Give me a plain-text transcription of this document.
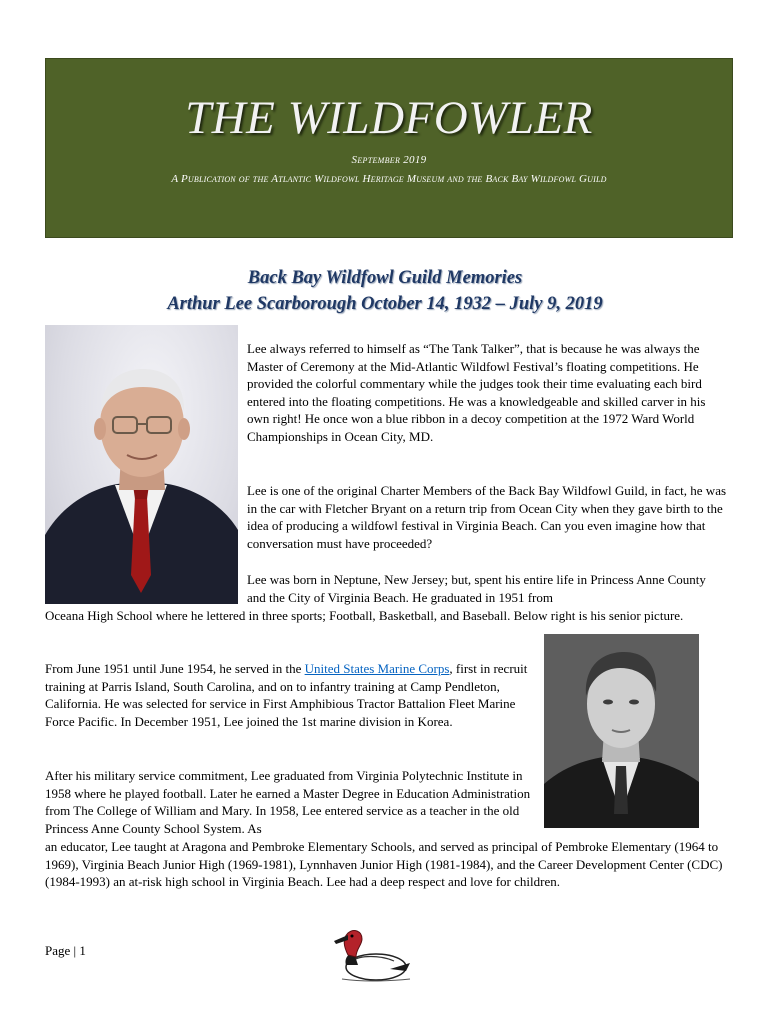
THE WILDFOWLER
September 2019
A Publication of the Atlantic Wildfowl Heritage Museum and the Back Bay Wildfowl Guild
Back Bay Wildfowl Guild Memories
Arthur Lee Scarborough October 14, 1932 – July 9, 2019

Lee always referred to himself as “The Tank Talker”, that is because he was always the Master of Ceremony at the Mid-Atlantic Wildfowl Festival’s floating competitions. He provided the colorful commentary while the judges took their time evaluating each bird entered into the floating competitions. He was a knowledgeable and skilled carver in his own right! He once won a blue ribbon in a decoy competition at the 1972 Ward World Championships in Ocean City, MD.

Lee is one of the original Charter Members of the Back Bay Wildfowl Guild, in fact, he was in the car with Fletcher Bryant on a return trip from Ocean City when they gave birth to the idea of producing a wildfowl festival in Virginia Beach. Can you even imagine how that conversation must have proceeded?

Lee was born in Neptune, New Jersey; but, spent his entire life in Princess Anne County and the City of Virginia Beach. He graduated in 1951 from

Oceana High School where he lettered in three sports; Football, Basketball, and Baseball. Below right is his senior picture.

From June 1951 until June 1954, he served in the United States Marine Corps, first in recruit training at Parris Island, South Carolina, and on to infantry training at Camp Pendleton, California. He was selected for service in First Amphibious Tractor Battalion Fleet Marine Force Pacific. In December 1951, Lee joined the 1st marine division in Korea.

After his military service commitment, Lee graduated from Virginia Polytechnic Institute in 1958 where he played football. Later he earned a Master Degree in Education Administration from The College of William and Mary. In 1958, Lee entered service as a teacher in the old Princess Anne County School System. As

an educator, Lee taught at Aragona and Pembroke Elementary Schools, and served as principal of Pembroke Elementary (1964 to 1969), Virginia Beach Junior High (1969-1981), Lynnhaven Junior High (1981-1984), and the Career Development Center (CDC) (1984-1993) an at-risk high school in Virginia Beach. Lee had a deep respect and love for children.

Page | 1
